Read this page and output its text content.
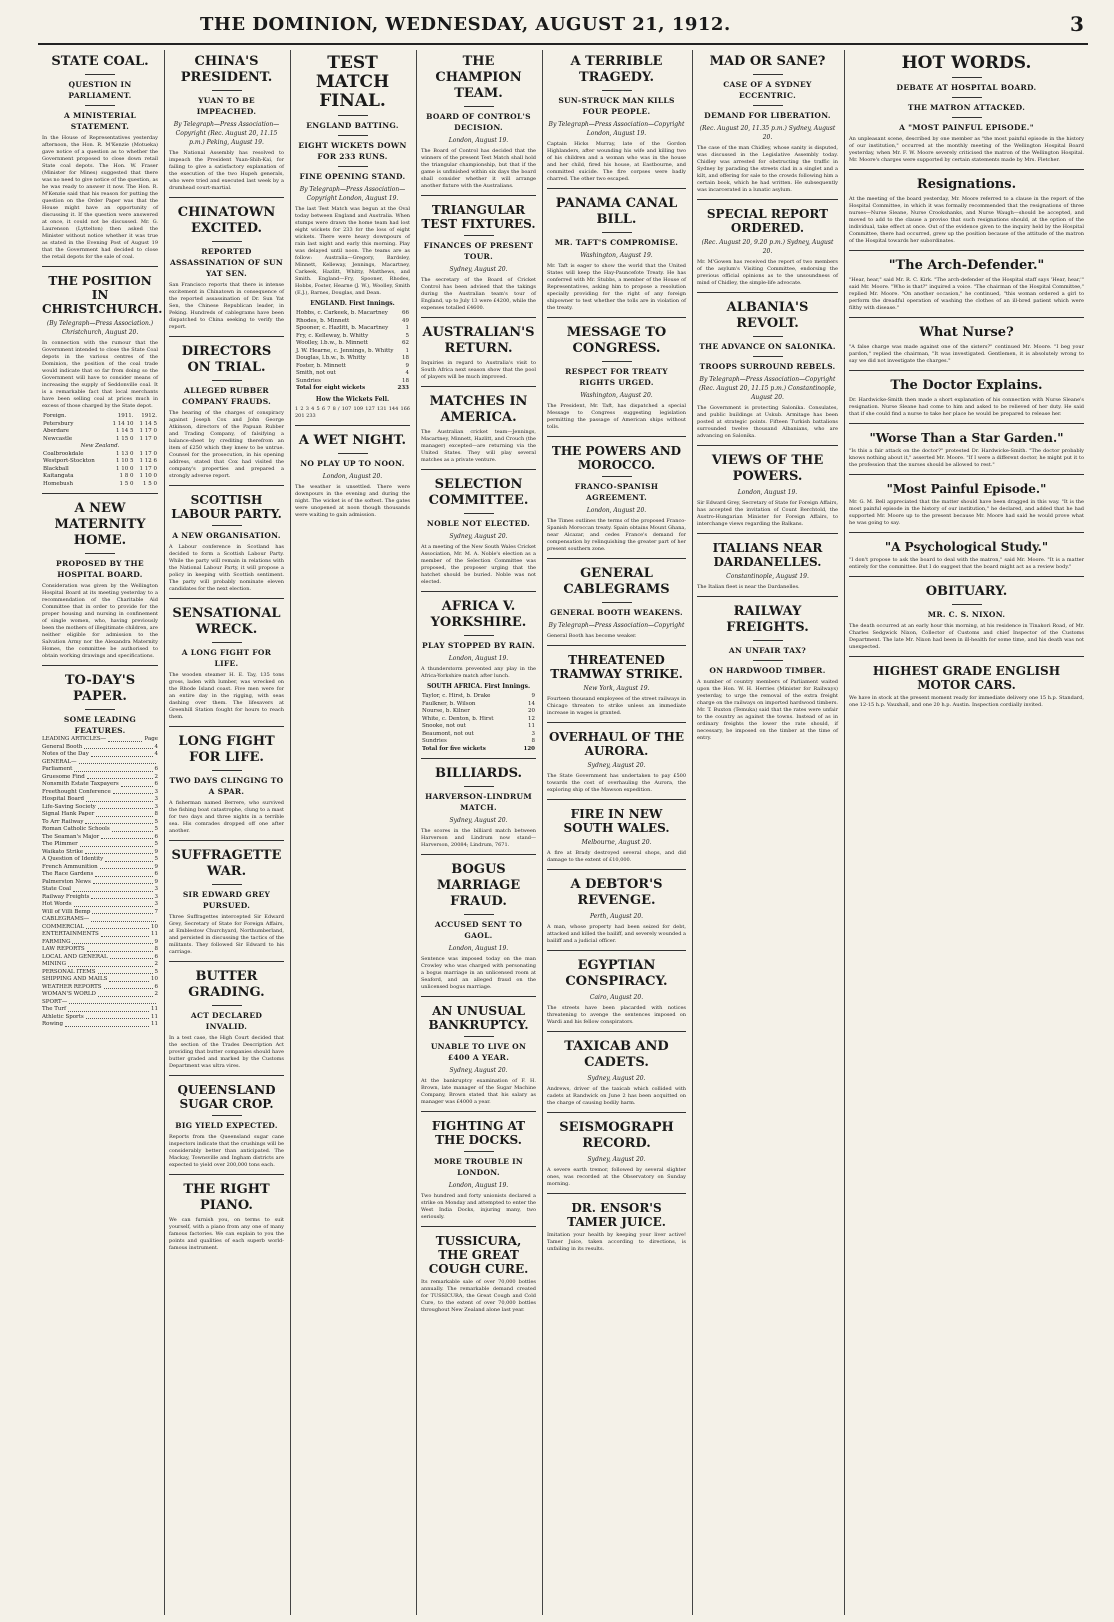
THE DOMINION, WEDNESDAY, AUGUST 21, 1912.	3
STATE COAL.
QUESTION IN PARLIAMENT.
A MINISTERIAL STATEMENT.

In the House of Representatives yesterday afternoon, the Hon. R. M'Kenzie (Motueka) gave notice of a question as to whether the Government proposed to close down retail State coal depots. The Hon. W. Fraser (Minister for Mines) suggested that there was no need to give notice of the question, as he was ready to answer it now. The Hon. R. M'Kenzie said that his reason for putting the question on the Order Paper was that the House might have an opportunity of discussing it. If the question were answered at once, it could not be discussed. Mr. G. Laurenson (Lyttelton) then asked the Minister without notice whether it was true as stated in the Evening Post of August 19 that the Government had decided to close the retail depots for the sale of coal.

THE POSITION IN CHRISTCHURCH.
(By Telegraph—Press Association.) Christchurch, August 20.

In connection with the rumour that the Government intended to close the State Coal depots in the various centres of the Dominion, the position of the coal trade would indicate that so far from doing so the Government will have to consider means of increasing the supply of Seddonville coal. It is a remarkable fact that local merchants have been selling coal at prices much in excess of those charged by the State depot.

Foreign.	1911.	1912.
Petersbury	1 14 10	1 14 5
Aberdare	1 14 5	1 17 0
Newcastle	1 15 0	1 17 0
New Zealand.		
Coalbrookdale	1 13 0	1 17 0
Westport-Stockton	1 10 5	1 12 6
Blackball	1 10 0	1 17 0
Kaitangata	1 8 0	1 10 0
Homebush	1 5 0	1 5 0
A NEW MATERNITY HOME.
PROPOSED BY THE HOSPITAL BOARD.

Consideration was given by the Wellington Hospital Board at its meeting yesterday to a recommendation of the Charitable Aid Committee that in order to provide for the proper housing and nursing in confinement of single women, who, having previously been the mothers of illegitimate children, are neither eligible for admission to the Salvation Army nor the Alexandra Maternity Homes, the committee be authorised to obtain working drawings and specifications.

TO-DAY'S PAPER.
SOME LEADING FEATURES.
LEADING ARTICLES—	Page
General Booth	4
Notes of the Day	4
GENERAL—
Parliament	6
Gruesome Find	2
Nonsmith Estate Taxpayers	6
Freethought Conference	3
Hospital Board	3
Life-Saving Society	3
Signal Hank Paper	8
To Arr Railway	5
Roman Catholic Schools	5
The Seaman's Major	6
The Plimmer	5
Waikato Strike	9
A Question of Identity	5
French Ammunition	9
The Race Gardens	6
Palmerston News	9
State Coal	3
Railway Freights	3
Hot Words	3
Will of Villi Bemp	7
CABLEGRAMS—
COMMERCIAL	10
ENTERTAINMENTS	11
FARMING	9
LAW REPORTS	8
LOCAL AND GENERAL	6
MINING	2
PERSONAL ITEMS	5
SHIPPING AND MAILS	10
WEATHER REPORTS	6
WOMAN'S WORLD	2
SPORT—
The Turf	11
Athletic Sports	11
Rowing	11
CHINA'S PRESIDENT.
YUAN TO BE IMPEACHED.
By Telegraph—Press Association—Copyright (Rec. August 20, 11.15 p.m.) Peking, August 19.

The National Assembly has resolved to impeach the President Yuan-Shih-Kai, for failing to give a satisfactory explanation of the execution of the two Hupeh generals, who were tried and executed last week by a drumhead court-martial.

CHINATOWN EXCITED.
REPORTED ASSASSINATION OF SUN YAT SEN.

San Francisco reports that there is intense excitement in Chinatown in consequence of the reported assassination of Dr. Sun Yat Sen, the Chinese Republican leader, in Peking. Hundreds of cablegrams have been dispatched to China seeking to verify the report.

DIRECTORS ON TRIAL.
ALLEGED RUBBER COMPANY FRAUDS.

The hearing of the charges of conspiracy against Joseph Cox and John George Atkinson, directors of the Papuan Rubber and Trading Company, of falsifying a balance-sheet by crediting therefrom an item of £250 which they knew to be untrue. Counsel for the prosecution, in his opening address, stated that Cox had visited the company's properties and prepared a strongly adverse report.

SCOTTISH LABOUR PARTY.
A NEW ORGANISATION.

A Labour conference in Scotland has decided to form a Scottish Labour Party. While the party will remain in relations with the National Labour Party, it will propose a policy in keeping with Scottish sentiment. The party will probably nominate eleven candidates for the next election.

SENSATIONAL WRECK.
A LONG FIGHT FOR LIFE.

The wooden steamer H. E. Tay, 135 tons gross, laden with lumber, was wrecked on the Rhode Island coast. Five men were for an entire day in the rigging, with seas dashing over them. The lifesavers at Greenhill Station fought for hours to reach them.

LONG FIGHT FOR LIFE.
TWO DAYS CLINGING TO A SPAR.

A fisherman named Berrere, who survived the fishing boat catastrophe, clung to a mast for two days and three nights in a terrible sea. His comrades dropped off one after another.

SUFFRAGETTE WAR.
SIR EDWARD GREY PURSUED.

Three Suffragettes intercepted Sir Edward Grey, Secretary of State for Foreign Affairs, at Emblestow Churchyard, Northumberland, and persisted in discussing the tactics of the militants. They followed Sir Edward to his carriage.

BUTTER GRADING.
ACT DECLARED INVALID.

In a test case, the High Court decided that the section of the Trades Description Act providing that butter companies should have butter graded and marked by the Customs Department was ultra vires.

QUEENSLAND SUGAR CROP.
BIG YIELD EXPECTED.

Reports from the Queensland sugar cane inspectors indicate that the crushings will be considerably better than anticipated. The Mackay, Townsville and Ingham districts are expected to yield over 200,000 tons each.

THE RIGHT PIANO.

We can furnish you, on terms to suit yourself, with a piano from any one of many famous factories. We can explain to you the points and qualities of each superb world-famous instrument.

TEST MATCH FINAL.
ENGLAND BATTING.
EIGHT WICKETS DOWN FOR 233 RUNS.
FINE OPENING STAND.
By Telegraph—Press Association—Copyright London, August 19.

The last Test Match was begun at the Oval today between England and Australia. When stumps were drawn the home team had lost eight wickets for 233 for the loss of eight wickets. There were heavy downpours of rain last night and early this morning. Play was delayed until noon. The teams are as follow: Australia—Gregory, Bardsley, Minnett, Kelleway, Jennings, Macartney, Carkeek, Hazlitt, Whitty, Matthews, and Smith. England—Fry, Spooner, Rhodes, Hobbs, Foster, Hearne (J. W.), Woolley, Smith (E.J.), Barnes, Douglas, and Dean.

ENGLAND. First Innings.
Hobbs, c. Carkeek, b. Macartney	66
Rhodes, b. Minnett	49
Spooner, c. Hazlitt, b. Macartney	1
Fry, c. Kelleway, b. Whitty	5
Woolley, l.b.w., b. Minnett	62
J. W. Hearne, c. Jennings, b. Whitty	1
Douglas, l.b.w., b. Whitty	18
Foster, b. Minnett	9
Smith, not out	4
Sundries	18
Total for eight wickets	233
How the Wickets Fell.

1 2 3 4 5 6 7 8 / 107 109 127 131 144 166 201 233

A WET NIGHT.
NO PLAY UP TO NOON.
London, August 20.

The weather is unsettled. There were downpours in the evening and during the night. The wicket is of the softest. The gates were unopened at noon though thousands were waiting to gain admission.

THE CHAMPION TEAM.
BOARD OF CONTROL'S DECISION.
London, August 19.

The Board of Control has decided that the winners of the present Test Match shall hold the triangular championship, but that if the game is unfinished within six days the board shall consider whether it will arrange another fixture with the Australians.

TRIANGULAR TEST FIXTURES.
FINANCES OF PRESENT TOUR.
Sydney, August 20.

The secretary of the Board of Cricket Control has been advised that the takings during the Australian team's tour of England, up to July 13 were £4200, while the expenses totalled £4600.

AUSTRALIAN'S RETURN.

Inquiries in regard to Australia's visit to South Africa next season show that the pool of players will be much improved.

MATCHES IN AMERICA.

The Australian cricket team—Jennings, Macartney, Minnett, Hazlitt, and Crouch (the manager) excepted—are returning via the United States. They will play several matches as a private venture.

SELECTION COMMITTEE.
NOBLE NOT ELECTED.
Sydney, August 20.

At a meeting of the New South Wales Cricket Association, Mr. M. A. Noble's election as a member of the Selection Committee was proposed, the proposer urging that the hatchet should be buried. Noble was not elected.

AFRICA V. YORKSHIRE.
PLAY STOPPED BY RAIN.
London, August 19.

A thunderstorm prevented any play in the Africa-Yorkshire match after lunch.

SOUTH AFRICA. First Innings.
Taylor, c. Hirst, b. Drake	9
Faulkner, b. Wilson	14
Nourse, b. Kilner	20
White, c. Denton, b. Hirst	12
Snooke, not out	11
Beaumont, not out	3
Sundries	8
Total for five wickets	120
BILLIARDS.
HARVERSON-LINDRUM MATCH.
Sydney, August 20.

The scores in the billiard match between Harverson and Lindrum now stand—Harverson, 20084; Lindrum, 7671.

BOGUS MARRIAGE FRAUD.
ACCUSED SENT TO GAOL.
London, August 19.

Sentence was imposed today on the man Crowley who was charged with personating a bogus marriage in an unlicensed room at Seaford, and an alleged fraud on the unlicensed bogus marriage.

AN UNUSUAL BANKRUPTCY.
UNABLE TO LIVE ON £400 A YEAR.
Sydney, August 20.

At the bankruptcy examination of F. H. Brown, late manager of the Sugar Machine Company, Brown stated that his salary as manager was £4000 a year.

FIGHTING AT THE DOCKS.
MORE TROUBLE IN LONDON.
London, August 19.

Two hundred and forty unionists declared a strike on Monday and attempted to enter the West India Docks, injuring many, two seriously.

TUSSICURA, THE GREAT COUGH CURE.

Its remarkable sale of over 70,000 bottles annually. The remarkable demand created for TUSSICURA, the Great Cough and Cold Cure, to the extent of over 70,000 bottles throughout New Zealand alone last year.

A TERRIBLE TRAGEDY.
SUN-STRUCK MAN KILLS FOUR PEOPLE.
By Telegraph—Press Association—Copyright London, August 19.

Captain Hicks Murray, late of the Gordon Highlanders, after wounding his wife and killing two of his children and a woman who was in the house and her child, fired his house, at Eastbourne, and committed suicide. The fire corpses were badly charred. The other two escaped.

PANAMA CANAL BILL.
MR. TAFT'S COMPROMISE.
Washington, August 19.

Mr. Taft is eager to show the world that the United States will keep the Hay-Pauncefote Treaty. He has conferred with Mr. Stubbs, a member of the House of Representatives, asking him to propose a resolution specially providing for the right of any foreign shipowner to test whether the tolls are in violation of the treaty.

MESSAGE TO CONGRESS.
RESPECT FOR TREATY RIGHTS URGED.
Washington, August 20.

The President, Mr. Taft, has dispatched a special Message to Congress suggesting legislation permitting the passage of American ships without tolls.

THE POWERS AND MOROCCO.
FRANCO-SPANISH AGREEMENT.
London, August 20.

The Times outlines the terms of the proposed Franco-Spanish Moroccan treaty. Spain obtains Mount Ghana, near Alcazar, and cedes France's demand for compensation by relinquishing the greater part of her present southern zone.

GENERAL CABLEGRAMS
GENERAL BOOTH WEAKENS.
By Telegraph—Press Association—Copyright

General Booth has become weaker.

THREATENED TRAMWAY STRIKE.
New York, August 19.

Fourteen thousand employees of the street railways in Chicago threaten to strike unless an immediate increase in wages is granted.

OVERHAUL OF THE AURORA.
Sydney, August 20.

The State Government has undertaken to pay £500 towards the cost of overhauling the Aurora, the exploring ship of the Mawson expedition.

FIRE IN NEW SOUTH WALES.
Melbourne, August 20.

A fire at Brady destroyed several shops, and did damage to the extent of £10,000.

A DEBTOR'S REVENGE.
Perth, August 20.

A man, whose property had been seized for debt, attacked and killed the bailiff, and severely wounded a bailiff and a judicial officer.

EGYPTIAN CONSPIRACY.
Cairo, August 20.

The streets have been placarded with notices threatening to avenge the sentences imposed on Wardi and his fellow conspirators.

TAXICAB AND CADETS.
Sydney, August 20.

Andrews, driver of the taxicab which collided with cadets at Randwick on June 2 has been acquitted on the charge of causing bodily harm.

SEISMOGRAPH RECORD.
Sydney, August 20.

A severe earth tremor, followed by several slighter ones, was recorded at the Observatory on Sunday morning.

DR. ENSOR'S TAMER JUICE.

Imitation your health by keeping your liver active! Tamer Juice, taken according to directions, is unfailing in its results.

MAD OR SANE?
CASE OF A SYDNEY ECCENTRIC.
DEMAND FOR LIBERATION.
(Rec. August 20, 11.35 p.m.) Sydney, August 20.

The case of the man Chidley, whose sanity is disputed, was discussed in the Legislative Assembly today. Chidley was arrested for obstructing the traffic in Sydney by parading the streets clad in a singlet and a kilt, and offering for sale to the crowds following him a certain book, which he had written. He subsequently was incarcerated in a lunatic asylum.

SPECIAL REPORT ORDERED.
(Rec. August 20, 9.20 p.m.) Sydney, August 20.

Mr. M'Gowen has received the report of two members of the asylum's Visiting Committee, endorsing the previous official opinions as to the unsoundness of mind of Chidley, the simple-life advocate.

ALBANIA'S REVOLT.
THE ADVANCE ON SALONIKA.
TROOPS SURROUND REBELS.
By Telegraph—Press Association—Copyright (Rec. August 20, 11.15 p.m.) Constantinople, August 20.

The Government is protecting Salonika. Consulates, and public buildings at Uskub. Armitage has been posted at strategic points. Fifteen Turkish battalions surrounded twelve thousand Albanians, who are advancing on Salonika.

VIEWS OF THE POWERS.
London, August 19.

Sir Edward Grey, Secretary of State for Foreign Affairs, has accepted the invitation of Count Berchtold, the Austro-Hungarian Minister for Foreign Affairs, to interchange views regarding the Balkans.

ITALIANS NEAR DARDANELLES.
Constantinople, August 19.

The Italian fleet is near the Dardanelles.

RAILWAY FREIGHTS.
AN UNFAIR TAX?
ON HARDWOOD TIMBER.

A number of country members of Parliament waited upon the Hon. W. H. Herries (Minister for Railways) yesterday, to urge the removal of the extra freight charge on the railways on imported hardwood timbers. Mr. T. Buxton (Temuka) said that the rates were unfair to the country as against the towns. Instead of as in ordinary freights the lower the rate should, if necessary, be imposed on the timber at the time of entry.

HOT WORDS.
DEBATE AT HOSPITAL BOARD.
THE MATRON ATTACKED.
A "MOST PAINFUL EPISODE."

An unpleasant scene, described by one member as "the most painful episode in the history of our institution," occurred at the monthly meeting of the Wellington Hospital Board yesterday, when Mr. F. W. Moore severely criticised the matron of the Wellington Hospital. Mr. Moore's charges were supported by certain statements made by Mrs. Fletcher.

Resignations.

At the meeting of the board yesterday, Mr. Moore referred to a clause in the report of the Hospital Committee, in which it was formally recommended that the resignations of three nurses—Nurse Sleane, Nurse Crookshanks, and Nurse Waugh—should be accepted, and moved to add to the clause a proviso that such resignations should, at the option of the individual, take effect at once. Out of the evidence given to the inquiry held by the Hospital Committee, there had occurred, grew up the position because of the attitude of the matron of the Hospital towards her subordinates.

"The Arch-Defender."

"Hear, hear," said Mr. R. C. Kirk. "The arch-defender of the Hospital staff says 'Hear, hear,'" said Mr. Moore. "Who is that?" inquired a voice. "The chairman of the Hospital Committee," replied Mr. Moore. "On another occasion," he continued, "this woman ordered a girl to perform the dreadful operation of washing the clothes of an ill-bred patient which were filthy with disease."

What Nurse?

"A false charge was made against one of the sisters?" continued Mr. Moore. "I beg your pardon," replied the chairman, "It was investigated. Gentlemen, it is absolutely wrong to say we did not investigate the charges."

The Doctor Explains.

Dr. Hardwicke-Smith then made a short explanation of his connection with Nurse Sleane's resignation. Nurse Sleane had come to him and asked to be relieved of her duty. He said that if she could find a nurse to take her place he would be prepared to release her.

"Worse Than a Star Garden."

"Is this a fair attack on the doctor?" protested Dr. Hardwicke-Smith. "The doctor probably knows nothing about it," asserted Mr. Moore. "If I were a different doctor, he might put it to the profession that the nurses should be allowed to rest."

"Most Painful Episode."

Mr. G. M. Bell appreciated that the matter should have been dragged in this way. "It is the most painful episode in the history of our institution," he declared, and added that he had supported Mr. Moore up to the present because Mr. Moore had said he would prove what he was going to say.

"A Psychological Study."

"I don't propose to ask the board to deal with the matron," said Mr. Moore. "It is a matter entirely for the committee. But I do suggest that the board might act as a review body."

OBITUARY.
MR. C. S. NIXON.

The death occurred at an early hour this morning, at his residence in Tinakori Road, of Mr. Charles Sedgwick Nixon, Collector of Customs and chief Inspector of the Customs Department. The late Mr. Nixon had been in ill-health for some time, and his death was not unexpected.

HIGHEST GRADE ENGLISH MOTOR CARS.

We have in stock at the present moment ready for immediate delivery one 15 h.p. Standard, one 12-15 h.p. Vauxhall, and one 20 h.p. Austin. Inspection cordially invited.
